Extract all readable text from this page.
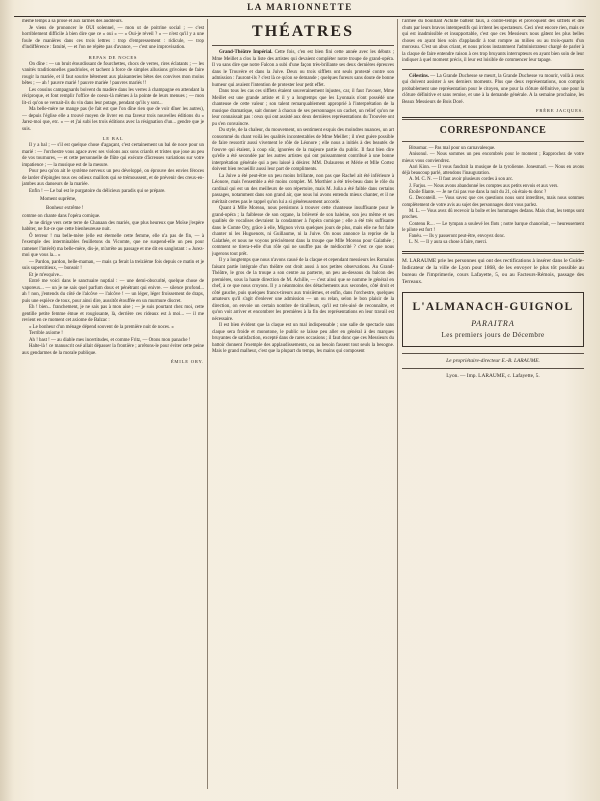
LA MARIONNETTE

même temps à sa prose et aux larmes des auditeurs.

Je viens de prononcer le OUI solennel, — mon ut de poitrine social ; — c'est horriblement difficile à bien dire que ce « oui » — « Oui-je réveil ? » — n'est qu'il y a une foule de manières dans ces trois lettres : trop d'empressement : ridicule, — trop d'indifférence : fatuité, — et l'on ne répète pas d'avance, — c'est une improvisation.

REPAS DE NOCES

On dîne : — un bruit étourdissant de fourchettes, chocs de verres, rires éclatants ; — les vanités traditionnelles gaudrioles, et tachent à force de simples allusions grivoises de faire rougir la mariée, et il faut sourire bêtement aux plaisanteries bêtes des convives mon moins bêtes ; — ah ! pauvre marié ! pauvre mariée ! pauvres mariés !!

Les cousins campagnards boivent du madère dans les verres à champagne en attendant la réciproque, et font remplir l'office de coeux-là mêmes à la pointe de leurs menues ; — mon lit-ci qu'on se vernait-ils du vin dans leur potage, pendant qu'ils y sont...

Ma belle-mère ne mange pas (le fait est que l'on dîne rien que de voir dîner les autres), — depuis l'église elle a trouvé moyen de livrer en ma faveur trois nouvelles éditions du « Jarez-moi que, etc. » — et j'ai subi les trois éditions avec la résignation d'un... gendre que je suis.

LE BAL

Il y a bal ; — s'il est quelque chose d'agaçant, c'est certainement un bal de noce pour un marié : — l'orchestre vous agace avec ses violons aux sons criards et tristes que joue au peu de vos tournures, — et cette personnelle de flûte qui exécute d'âcreuses variations sur votre impatience ; — la musique est de la mesure.

Pour peu qu'on ait le système nerveux un peu développé, on éprouve des envies féroces de larder d'épingles tous ces odieux maillots qui se trémoussent, et de prévenir des creux-en-jambes aux danseurs de la mariée.

Enfin ! — Le bal est le purgatoire du délicieux paradis qui se prépare.

Moment suprême,
Bonheur extrême !

comme on chante dans l'opéra comique.

Je ne dirige vers cette terre de Chanaan des mariés, que plus heureux que Moïse j'espère habiter, ne fut-ce que cette bienheureuse nuit.

Ô terreur ! ma belle-mère (elle est éternelle cette femme, elle n'a pas de fin, — à l'exemple des interminables feuilletons du Vicomte, que ne suspend-elle un peu pour ramener l'intérêt) ma belle-mère, dis-je, m'arrête au passage et me dit en sanglotant : « Jurez-moi que vous la... »

— Pardon, pardon, belle-maman, — mais ça ferait la treizième fois depuis ce matin et je suis superstitieux, — bonsoir !

Et je m'esquive...

Entré me voici dans le sanctuaire nuptial : — une demi-obscurité, quelque chose de vaporeux... — un je ne sais quel parfum doux et pénétrant qui enivre. — silence profond... ah ! non, j'entends du côté de l'alcôve — l'alcôve ! — un léger, léger froissement de draps, puis une espièce de toux, pour ainsi dire, aussitôt étouffée en un murmure discret.

Eh ! bien... franchement, je ne sais pas à mon aise ; — je suis pourtant chez moi, cette gentille petite femme émue et rougissante, là, derrière ces rideaux est à moi... — il me revient en ce moment cet axiome de Balzac :

« Le bonheur d'un ménage dépend souvent de la première nuit de noces. »

Terrible axiome !

Ah ! bast ! — au diable mes incertitudes, et comme Fritz, — Otons mon panache !

Halte-là ! ce manuscrit osé allait dépasser la frontière ; arrêtons-le pour éviter cette peine aux gendarmes de la morale publique.

ÉMILE ORY.
THÉATRES

Grand-Théâtre Impérial. Cette fois, c'en est bien fini cette année avec les débuts ; Mme Meillet a clos la liste des artistes qui devaient compléter notre troupe de grand-opéra. Il va sans dire que notre Falcon a subi d'une façon très-brillante ses deux dernières épreuves dans le Trouvère et dans la Juive. Deux ou trois sifflets ont seuls protesté contre son admission : l'auront-ils ? c'est là ce qu'on se demande ; quelques fureurs sans doute de bonne humeur qui avaient l'intention de protester leur petit effet.

Dans tous les cas ces sifflets étaient souverainement injustes, car, il faut l'avouer, Mme Meillet est une grande artiste et il y a longtemps que les Lyonnais n'ont possédé une chanteuse de cette valeur ; son talent remarquablement approprié à l'interprétation de la musique dramatique, sait donner à chacun de ses personnages un cachet, un relief qu'on ne leur connaissait pas : ceux qui ont assisté aux deux dernières représentations du Trouvère ont pu s'en convaincre.

Du style, de la chaleur, du mouvement, un sentiment exquis des moindres nuances, un art consommé du chant voilà les qualités incontestables de Mme Meillet ; il n'est guère possible de faire ressortir aussi vivement le rôle de Léonore ; elle nous a initiés à des beautés de l'œuvre qui étaient, à coup sûr, ignorées de la majeure partie du public. Il faut bien dire qu'elle a été secondée par les autres artistes qui ont puissamment contribué à une bonne interprétation générale qui a peu laissé à désirer. MM. Dulaurens et Mérie et Mlle Cortez doivent bien recueillir aussi leur part de compliments.

La Juive a été peut-être un peu moins brillante, non pas que Rachel ait été inférieure à Léonore, mais l'ensemble a été moins complet. M. Morthier a été très-beau dans le rôle du cardinal qui est un des meilleurs de son répertoire, mais M. Julia a été faible dans certains passages, notamment dans son grand air, que nous lui avons entendu mieux chanter, et il ne méritait certes pas le rappel qu'on lui a si généreusement accordé.

Quant à Mlle Moreau, nous persistons à trouver cette chanteuse insuffisante pour le grand-opéra ; la faiblesse de son organe, la brièveté de son haleine, son jeu même et ses qualités de vocalises devraient la condamner à l'opéra comique ; elle a été très suffisante dans le Comte Ory, grâce à elle, Mignon vivra quelques jours de plus, mais elle ne fut faite chanter ni les Huguenots, ni Guillaume, ni la Juive. On nous annonce la reprise de la Galathée, et nous ne voyons précisément dans la troupe que Mlle Moreau pour Galathée ; comment se tirera-t-elle d'un rôle qui ne souffre pas de médiocrité ? c'est ce que nous jugerons tout prêt.

Il y a longtemps que nous n'avons causé de la claque et cependant messieurs les Romains faisant partie intégrale d'un théâtre ont droit aussi à nos petites observations. Au Grand-Théâtre, le gros de la troupe a son centre au parterre, un peu au-dessous du balcon des premières, sous la haute direction de M. Achille, — c'est ainsi que se nomme le général en chef, à ce que nous croyons. Il y a néanmoins des détachements aux secondes, côté droit et côté gauche, puis quelques francs-tireurs aux troisièmes, et enfin, dans l'orchestre, quelques amateurs qu'il s'agit d'enlever une admission — un ou relan, selon le bon plaisir de la direction, on envoie un certain nombre de tirailleurs, qu'il est très-aisé de reconnaître, et qu'on voit arriver et encombrer les premières à la fin des représentations en leur travail est nécessaire.

Il est bien évident que la claque est un mal indispensable ; une salle de spectacle sans claque sera froide et monotone, le public se laisse peu aller en général à des marques bruyantes de satisfaction, excepté dans de rares occasions ; il faut donc que ces Messieurs du battoir donnent l'exemple des applaudissements, ou au besoin fassent tout seuls la besogne. Mais le grand malheur, c'est que la plupart du temps, les mains qui composent

l'armée du bouillant Achille battent faux, à contre-temps et provoquent des sifflets et des chuts par leurs bravos intempestifs qui irritent les spectateurs. Ceci n'est encore rien, mais ce qui est inadmissible et insupportable, c'est que ces Messieurs nous gâtent les plus belles choses en ayant bien soin d'applaudir à tout rompre au milieu ou au trois-quarts d'un morceau. C'est un abus criant, et nous prions instamment l'administrateur chargé de parler à la claque de faire entendre raison à ces trop bruyants interrupteurs en ayant bien soin de leur indiquer à quel moment précis, il leur est loisible de commencer leur tapage.

Célestins. — La Grande Duchesse se meurt, la Grande Duchesse va mourir, voilà à ceux qui doivent assister à ses derniers moments. Plus que deux représentations, non compris probablement une représentation pour le citoyen, une pour la clôture définitive, une pour la clôture définitive et sans remise, et une à la demande générale. A la semaine prochaine, les Beaux Messieurs de Bois Doré.

FRÈRE JACQUES.
CORRESPONDANCE

Bitsomar. — Pas mal pour un carnavalesque.

Anisonul. — Nous sommes un peu encombrés pour le moment ; Rapprochez de votre mieux vous conviendrez.

Aari Kinn. — Il vous faudrait la musique de la tyrolienne. Jonesmarl. — Nous en avons déjà beaucoup parlé, attendons l'inauguration.

A. M. C. N. — Il faut avoir plusieurs cordes à son arc.

J. Farjus. — Nous avons abandonné les comptes aux petits envois et aux vers.

Étoile filante. — Je ne t'ai pas vue dans la nuit du 21, où étais-tu donc ?

G. Deconteill. — Vous savez que ces questions nous sont interdites, mais nous sommes complètement de votre avis au sujet des personnages dont vous parlez.

M. L. — Vous avez dû recevoir la boîte et les hommages dedans. Mais chut, les temps sont proches.

Contenu R.... — Le tympan a soulevé les flots ; notre barque chancelait, — heureusement le pilote est fort !

Fanéu. — Ils y passeront peut-être, envoyez donc.

L. N. — Il y aura sa chose à faire, merci.

M. LARAUME prie les personnes qui ont des rectifications à insérer dans le Guide-Indicateur de la ville de Lyon pour 1868, de les envoyer le plus tôt possible au bureau de l'imprimerie, cours Lafayette, 5, ou au Facteurs-Rémois, passage des Terreaux.

L'ALMANACH-GUIGNOL
PARAITRA
Les premiers jours de Décembre
Le propriétaire-directeur E.-B. LARAUME.
Lyon. — Imp. LARAUME, c. Lafayette, 5.
